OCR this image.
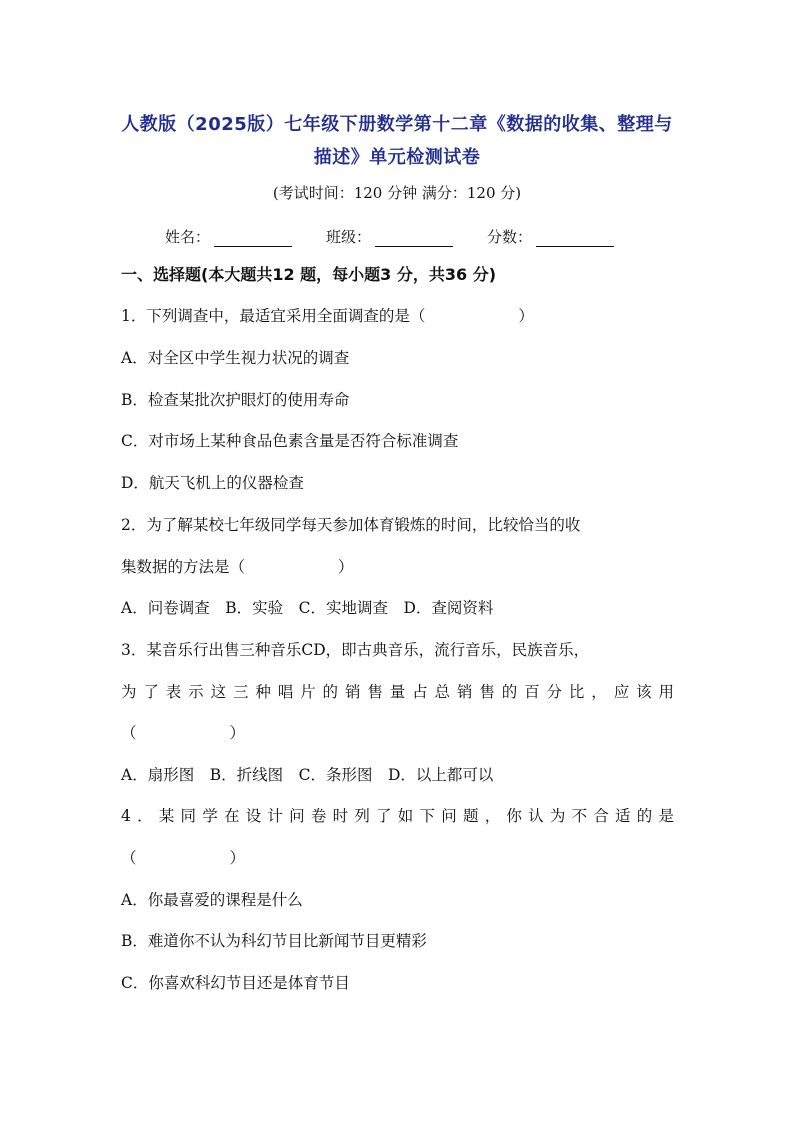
人教版（2025版）七年级下册数学第十二章《数据的收集、整理与
描述》单元检测试卷
(考试时间：120 分钟 满分：120 分)
姓名：	班级：	分数：
一、选择题(本大题共12 题，每小题3 分，共36 分)
1．下列调查中，最适宜采用全面调查的是（　　　　　　）
A．对全区中学生视力状况的调查
B．检查某批次护眼灯的使用寿命
C．对市场上某种食品色素含量是否符合标准调查
D．航天飞机上的仪器检查
2．为了解某校七年级同学每天参加体育锻炼的时间，比较恰当的收
集数据的方法是（　　　　　　）
A．问卷调查　B．实验　C．实地调查　D．查阅资料
3．某音乐行出售三种音乐CD，即古典音乐，流行音乐，民族音乐，
为了表示这三种唱片的销售量占总销售的百分比，应该用
（　　　　　　）
A．扇形图　B．折线图　C．条形图　D．以上都可以
4．某同学在设计问卷时列了如下问题，你认为不合适的是
（　　　　　　）
A．你最喜爱的课程是什么
B．难道你不认为科幻节目比新闻节目更精彩
C．你喜欢科幻节目还是体育节目
